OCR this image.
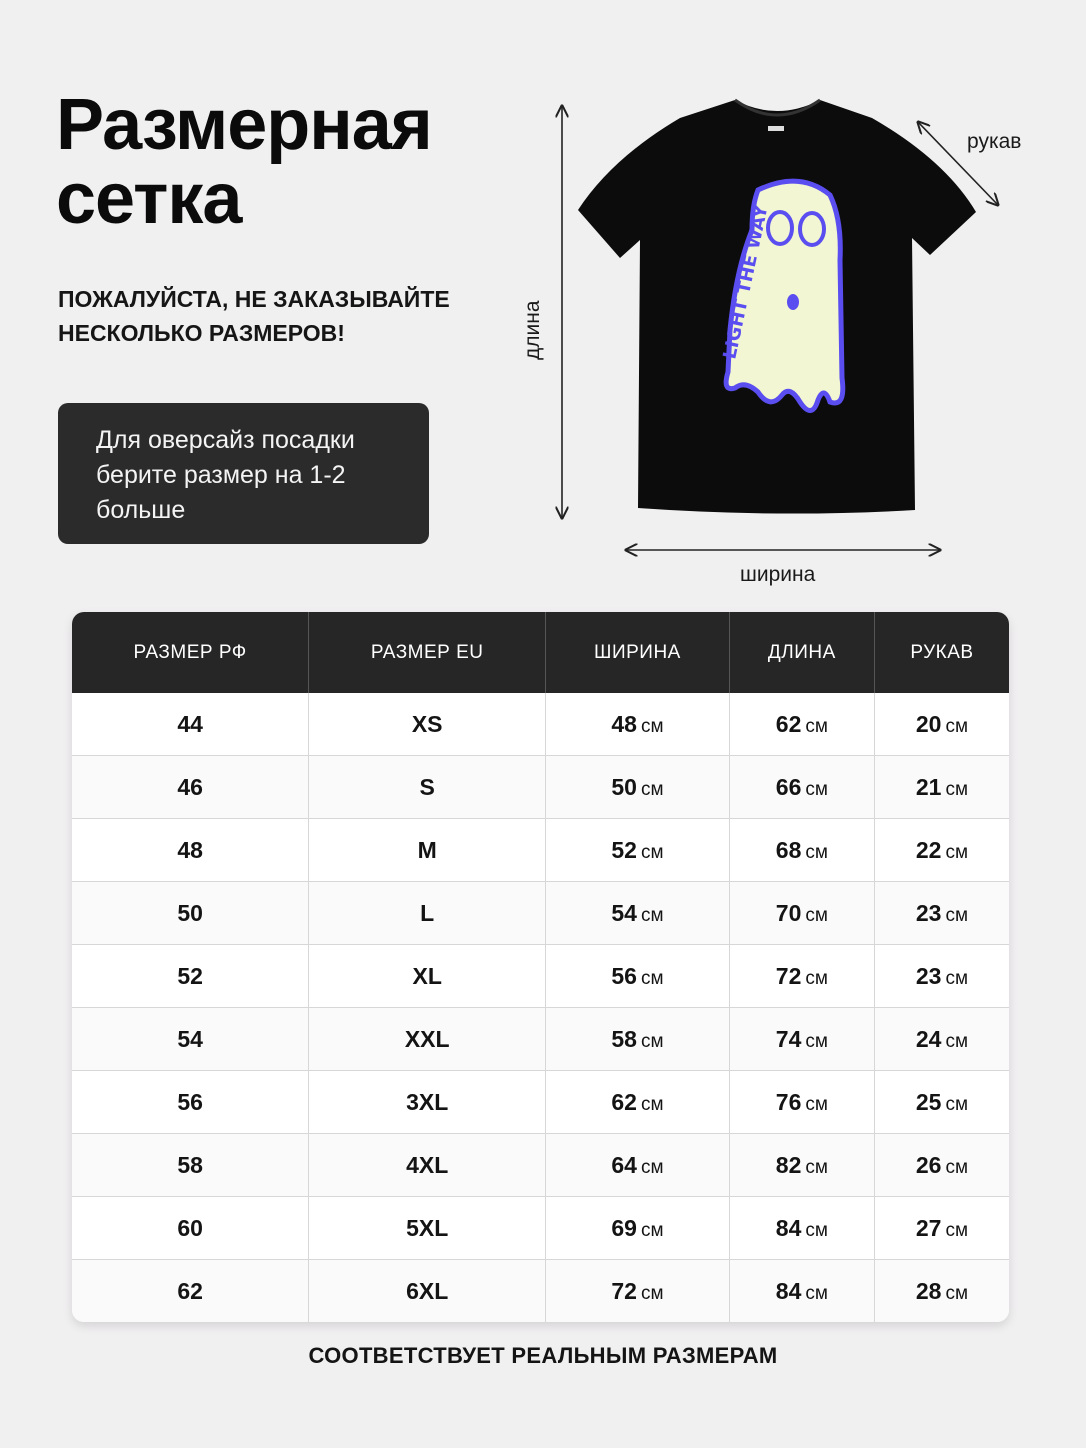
Размерная
сетка

ПОЖАЛУЙСТА, НЕ ЗАКАЗЫВАЙТЕ
НЕСКОЛЬКО РАЗМЕРОВ!

Для оверсайз посадки
берите размер на 1-2
больше
LIGHT THE WAY
рукав
длина
ширина
РАЗМЕР РФ	РАЗМЕР EU	ШИРИНА	ДЛИНА	РУКАВ
44	XS	48 см	62 см	20 см
46	S	50 см	66 см	21 см
48	M	52 см	68 см	22 см
50	L	54 см	70 см	23 см
52	XL	56 см	72 см	23 см
54	XXL	58 см	74 см	24 см
56	3XL	62 см	76 см	25 см
58	4XL	64 см	82 см	26 см
60	5XL	69 см	84 см	27 см
62	6XL	72 см	84 см	28 см
СООТВЕТСТВУЕТ РЕАЛЬНЫМ РАЗМЕРАМ
